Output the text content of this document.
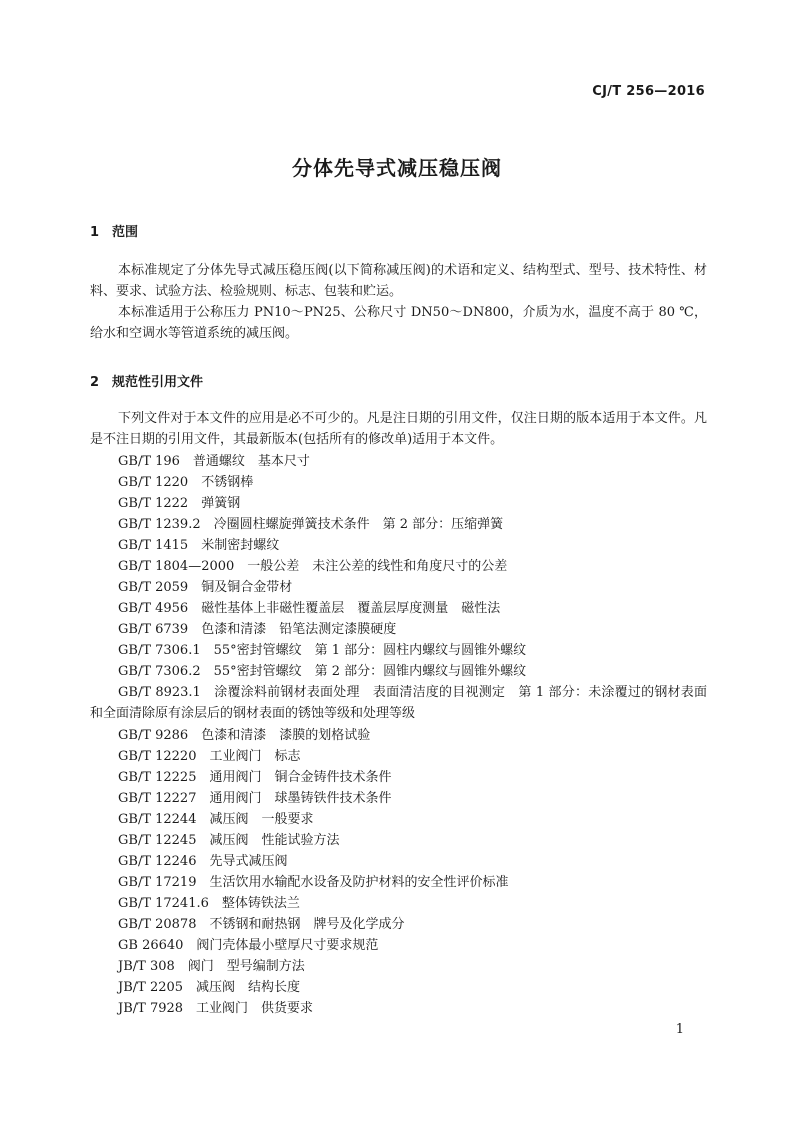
CJ/T 256—2016
分体先导式减压稳压阀
1 范围
本标准规定了分体先导式减压稳压阀(以下简称减压阀)的术语和定义、结构型式、型号、技术特性、材料、要求、试验方法、检验规则、标志、包装和贮运。
本标准适用于公称压力 PN10～PN25、公称尺寸 DN50～DN800，介质为水，温度不高于 80 ℃，给水和空调水等管道系统的减压阀。
2 规范性引用文件
下列文件对于本文件的应用是必不可少的。凡是注日期的引用文件，仅注日期的版本适用于本文件。凡是不注日期的引用文件，其最新版本(包括所有的修改单)适用于本文件。
GB/T 196　普通螺纹　基本尺寸
GB/T 1220　不锈钢棒
GB/T 1222　弹簧钢
GB/T 1239.2　冷圈圆柱螺旋弹簧技术条件　第 2 部分：压缩弹簧
GB/T 1415　米制密封螺纹
GB/T 1804—2000　一般公差　未注公差的线性和角度尺寸的公差
GB/T 2059　铜及铜合金带材
GB/T 4956　磁性基体上非磁性覆盖层　覆盖层厚度测量　磁性法
GB/T 6739　色漆和清漆　铅笔法测定漆膜硬度
GB/T 7306.1　55°密封管螺纹　第 1 部分：圆柱内螺纹与圆锥外螺纹
GB/T 7306.2　55°密封管螺纹　第 2 部分：圆锥内螺纹与圆锥外螺纹
GB/T 8923.1　涂覆涂料前钢材表面处理　表面清洁度的目视测定　第 1 部分：未涂覆过的钢材表面和全面清除原有涂层后的钢材表面的锈蚀等级和处理等级
GB/T 9286　色漆和清漆　漆膜的划格试验
GB/T 12220　工业阀门　标志
GB/T 12225　通用阀门　铜合金铸件技术条件
GB/T 12227　通用阀门　球墨铸铁件技术条件
GB/T 12244　减压阀　一般要求
GB/T 12245　减压阀　性能试验方法
GB/T 12246　先导式减压阀
GB/T 17219　生活饮用水输配水设备及防护材料的安全性评价标准
GB/T 17241.6　整体铸铁法兰
GB/T 20878　不锈钢和耐热钢　牌号及化学成分
GB 26640　阀门壳体最小壁厚尺寸要求规范
JB/T 308　阀门　型号编制方法
JB/T 2205　减压阀　结构长度
JB/T 7928　工业阀门　供货要求
1
